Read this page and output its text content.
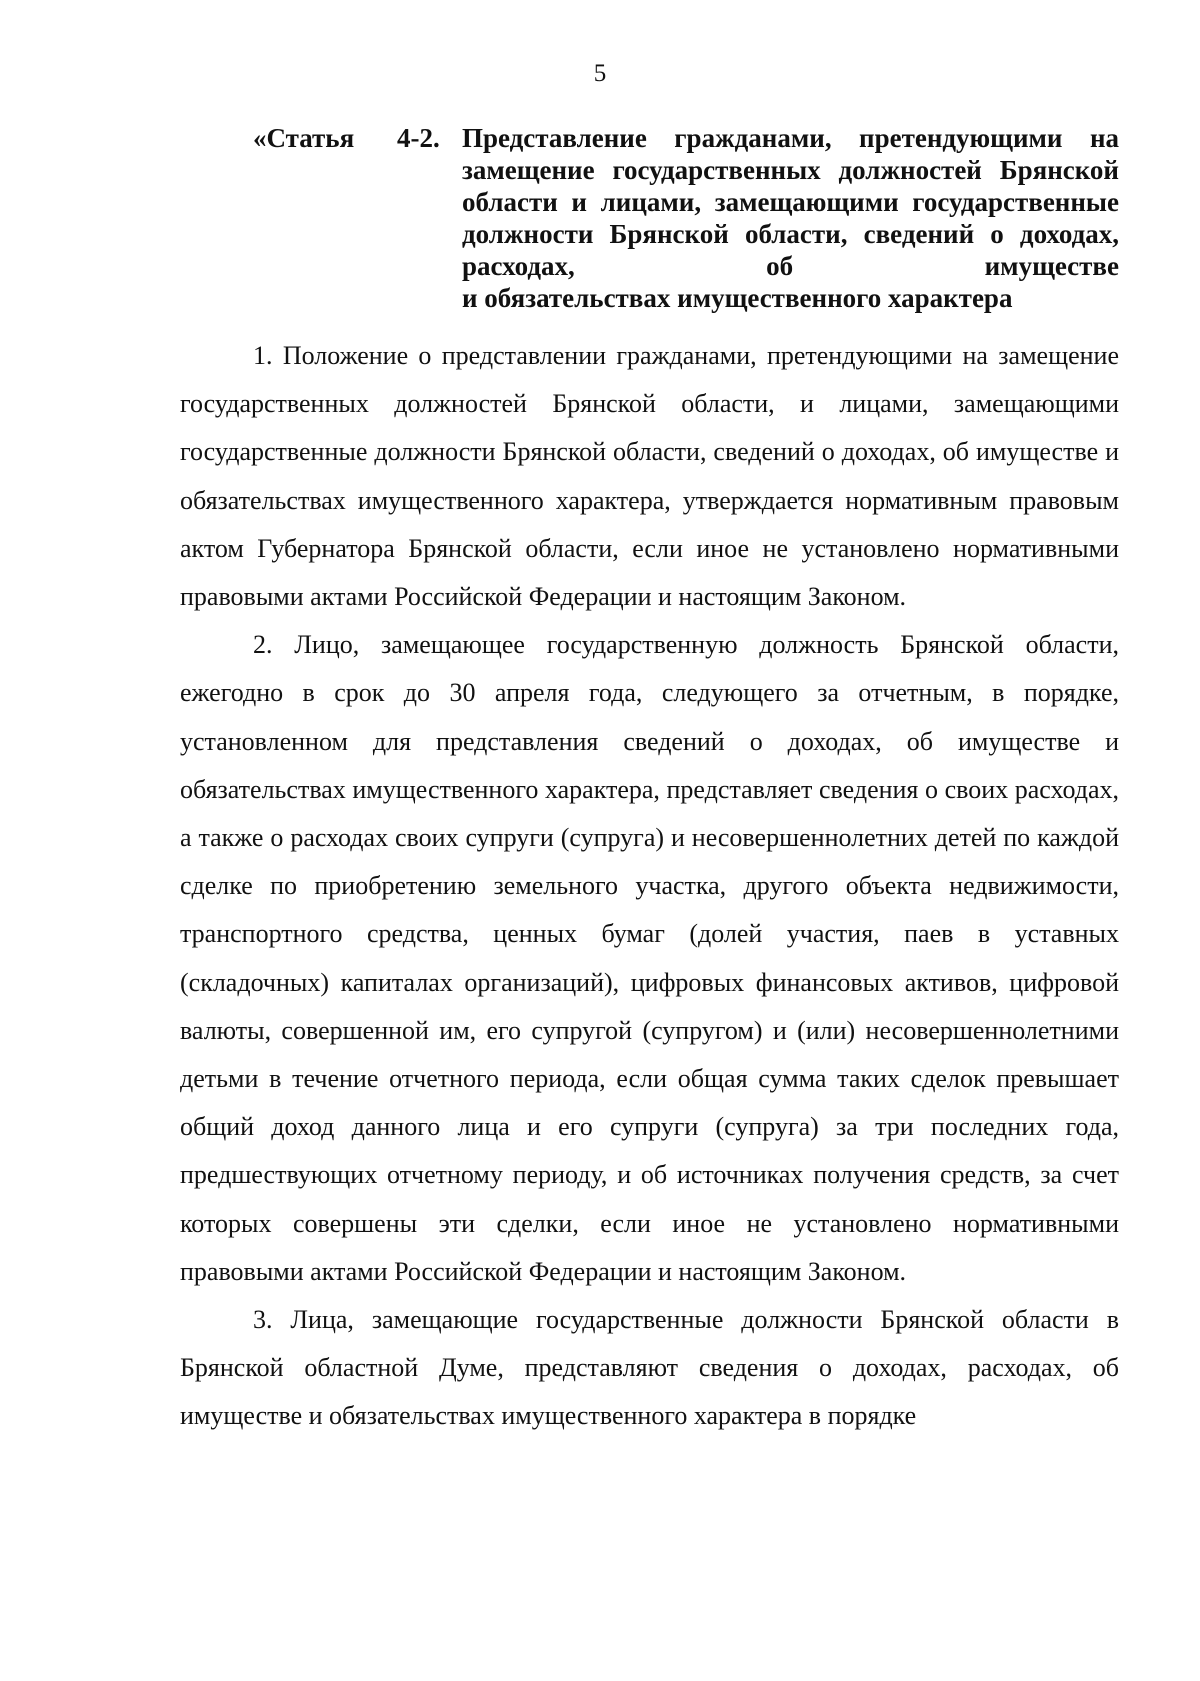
5
«Статья 4-2. Представление гражданами, претендующими на замещение государственных должностей Брянской области и лицами, замещающими государственные должности Брянской области, сведений о доходах, расходах, об имуществе
и обязательствах имущественного характера

1. Положение о представлении гражданами, претендующими на замещение государственных должностей Брянской области, и лицами, замещающими государственные должности Брянской области, сведений о доходах, об имуществе и обязательствах имущественного характера, утверждается нормативным правовым актом Губернатора Брянской области, если иное не установлено нормативными правовыми актами Российской Федерации и настоящим Законом.

2. Лицо, замещающее государственную должность Брянской области, ежегодно в срок до 30 апреля года, следующего за отчетным, в порядке, установленном для представления сведений о доходах, об имуществе и обязательствах имущественного характера, представляет сведения о своих расходах, а также о расходах своих супруги (супруга) и несовершеннолетних детей по каждой сделке по приобретению земельного участка, другого объекта недвижимости, транспортного средства, ценных бумаг (долей участия, паев в уставных (складочных) капиталах организаций), цифровых финансовых активов, цифровой валюты, совершенной им, его супругой (супругом) и (или) несовершеннолетними детьми в течение отчетного периода, если общая сумма таких сделок превышает общий доход данного лица и его супруги (супруга) за три последних года, предшествующих отчетному периоду, и об источниках получения средств, за счет которых совершены эти сделки, если иное не установлено нормативными правовыми актами Российской Федерации и настоящим Законом.

3. Лица, замещающие государственные должности Брянской области в Брянской областной Думе, представляют сведения о доходах, расходах, об имуществе и обязательствах имущественного характера в порядке
